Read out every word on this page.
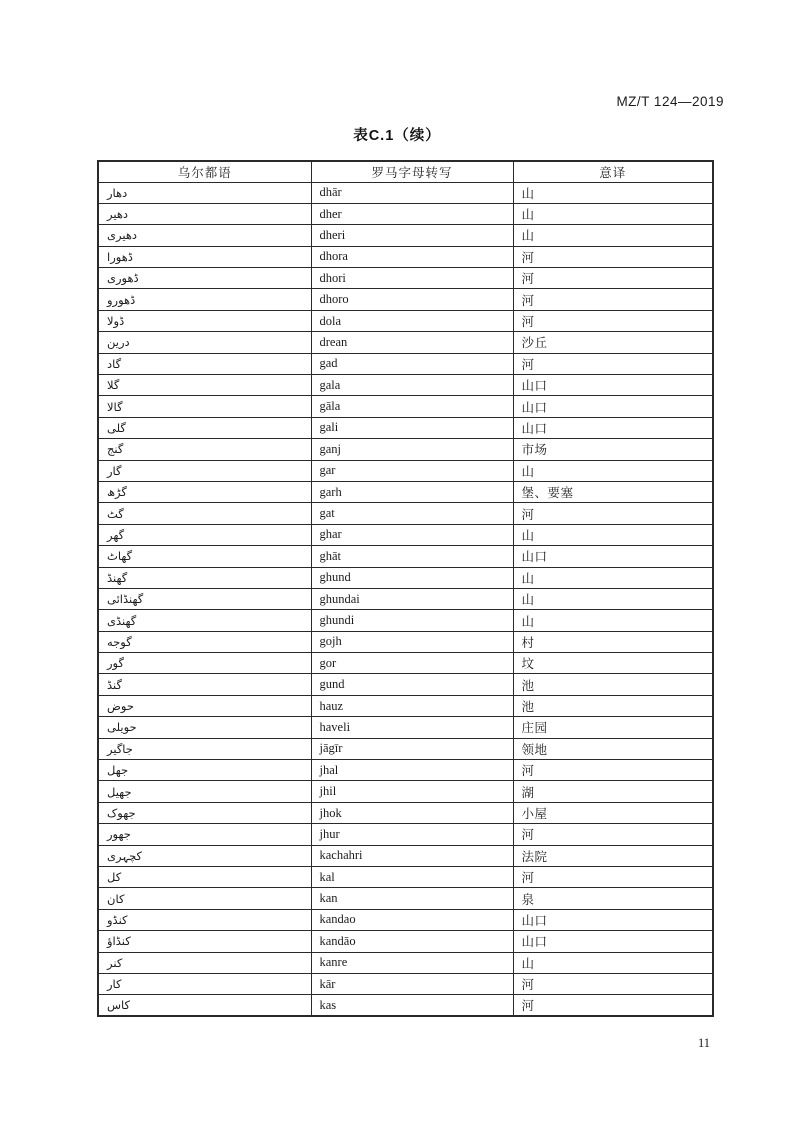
MZ/T 124—2019
表C.1（续）
乌尔都语	罗马字母转写	意译
دهار	dhār	山
دهير	dher	山
دهيرى	dheri	山
ڈهورا	dhora	河
ڈهورى	dhori	河
ڈهورو	dhoro	河
ڈولا	dola	河
درين	drean	沙丘
گاد	gad	河
گلا	gala	山口
گالا	gāla	山口
گلى	gali	山口
گنج	ganj	市场
گار	gar	山
گڑھ	garh	堡、要塞
گٹ	gat	河
گهر	ghar	山
گهاٹ	ghāt	山口
گهنڈ	ghund	山
گهنڈائى	ghundai	山
گهنڈى	ghundi	山
گوجه	gojh	村
گور	gor	坟
گنڈ	gund	池
حوض	hauz	池
حويلى	haveli	庄园
جاگير	jāgīr	领地
جهل	jhal	河
جهيل	jhil	湖
جهوک	jhok	小屋
جهور	jhur	河
کچہرى	kachahri	法院
کل	kal	河
کان	kan	泉
کنڈو	kandao	山口
کنڈاؤ	kandāo	山口
کنر	kanre	山
کار	kār	河
کاس	kas	河
11
